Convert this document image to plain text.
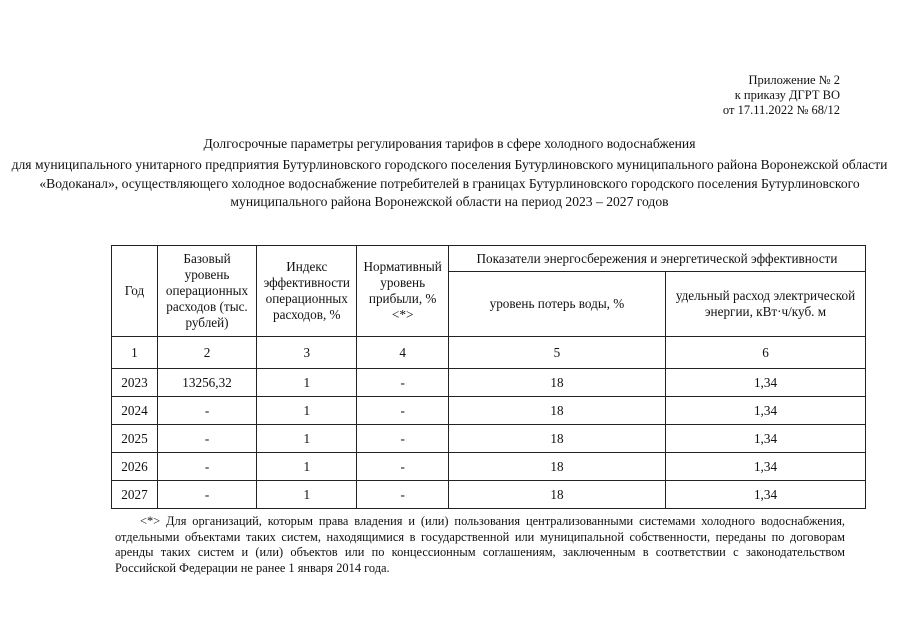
Приложение № 2
к приказу ДГРТ ВО
от 17.11.2022 № 68/12
Долгосрочные параметры регулирования тарифов в сфере холодного водоснабжения
для муниципального унитарного предприятия Бутурлиновского городского поселения Бутурлиновского муниципального района Воронежской области «Водоканал», осуществляющего холодное водоснабжение потребителей в границах Бутурлиновского городского поселения Бутурлиновского муниципального района Воронежской области на период 2023 – 2027 годов
Год	Базовый уровень операционных расходов (тыс. рублей)	Индекс эффективности операционных расходов, %	Нормативный уровень прибыли, % <*>	Показатели энергосбережения и энергетической эффективности	
				уровень потерь воды, %	удельный расход электрической энергии, кВт·ч/куб. м
1	2	3	4	5	6
2023	13256,32	1	-	18	1,34
2024	-	1	-	18	1,34
2025	-	1	-	18	1,34
2026	-	1	-	18	1,34
2027	-	1	-	18	1,34
<*> Для организаций, которым права владения и (или) пользования централизованными системами холодного водоснабжения, отдельными объектами таких систем, находящимися в государственной или муниципальной собственности, переданы по договорам аренды таких систем и (или) объектов или по концессионным соглашениям, заключенным в соответствии с законодательством Российской Федерации не ранее 1 января 2014 года.
